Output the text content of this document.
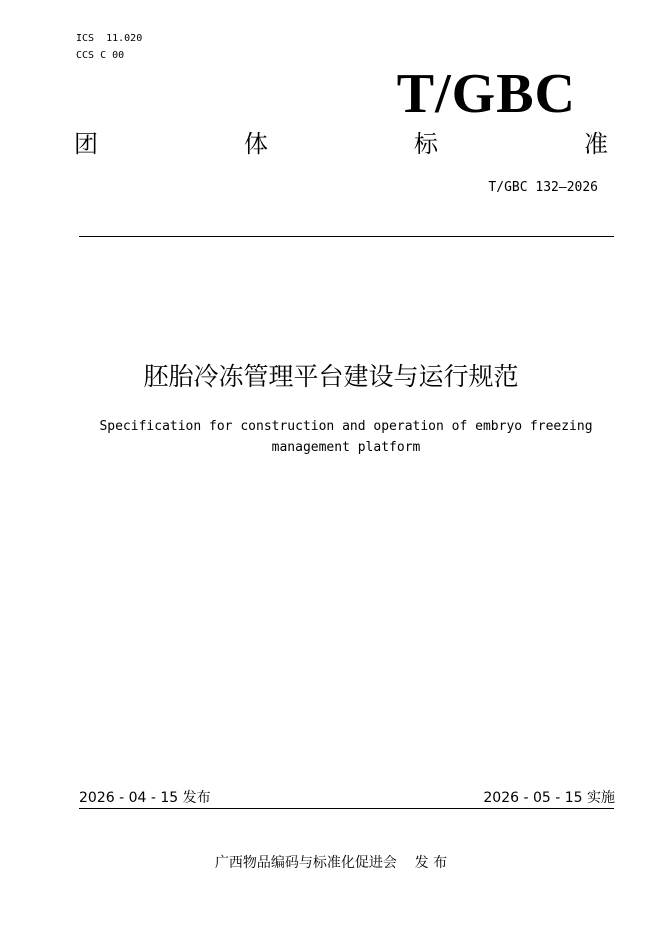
ICS  11.020
CCS C 00
T/GBC
团	体	标	准
T/GBC 132—2026
胚胎冷冻管理平台建设与运行规范
Specification for construction and operation of embryo freezing
management platform
2026 - 04 - 15 发布	2026 - 05 - 15 实施
广西物品编码与标准化促进会    发 布
